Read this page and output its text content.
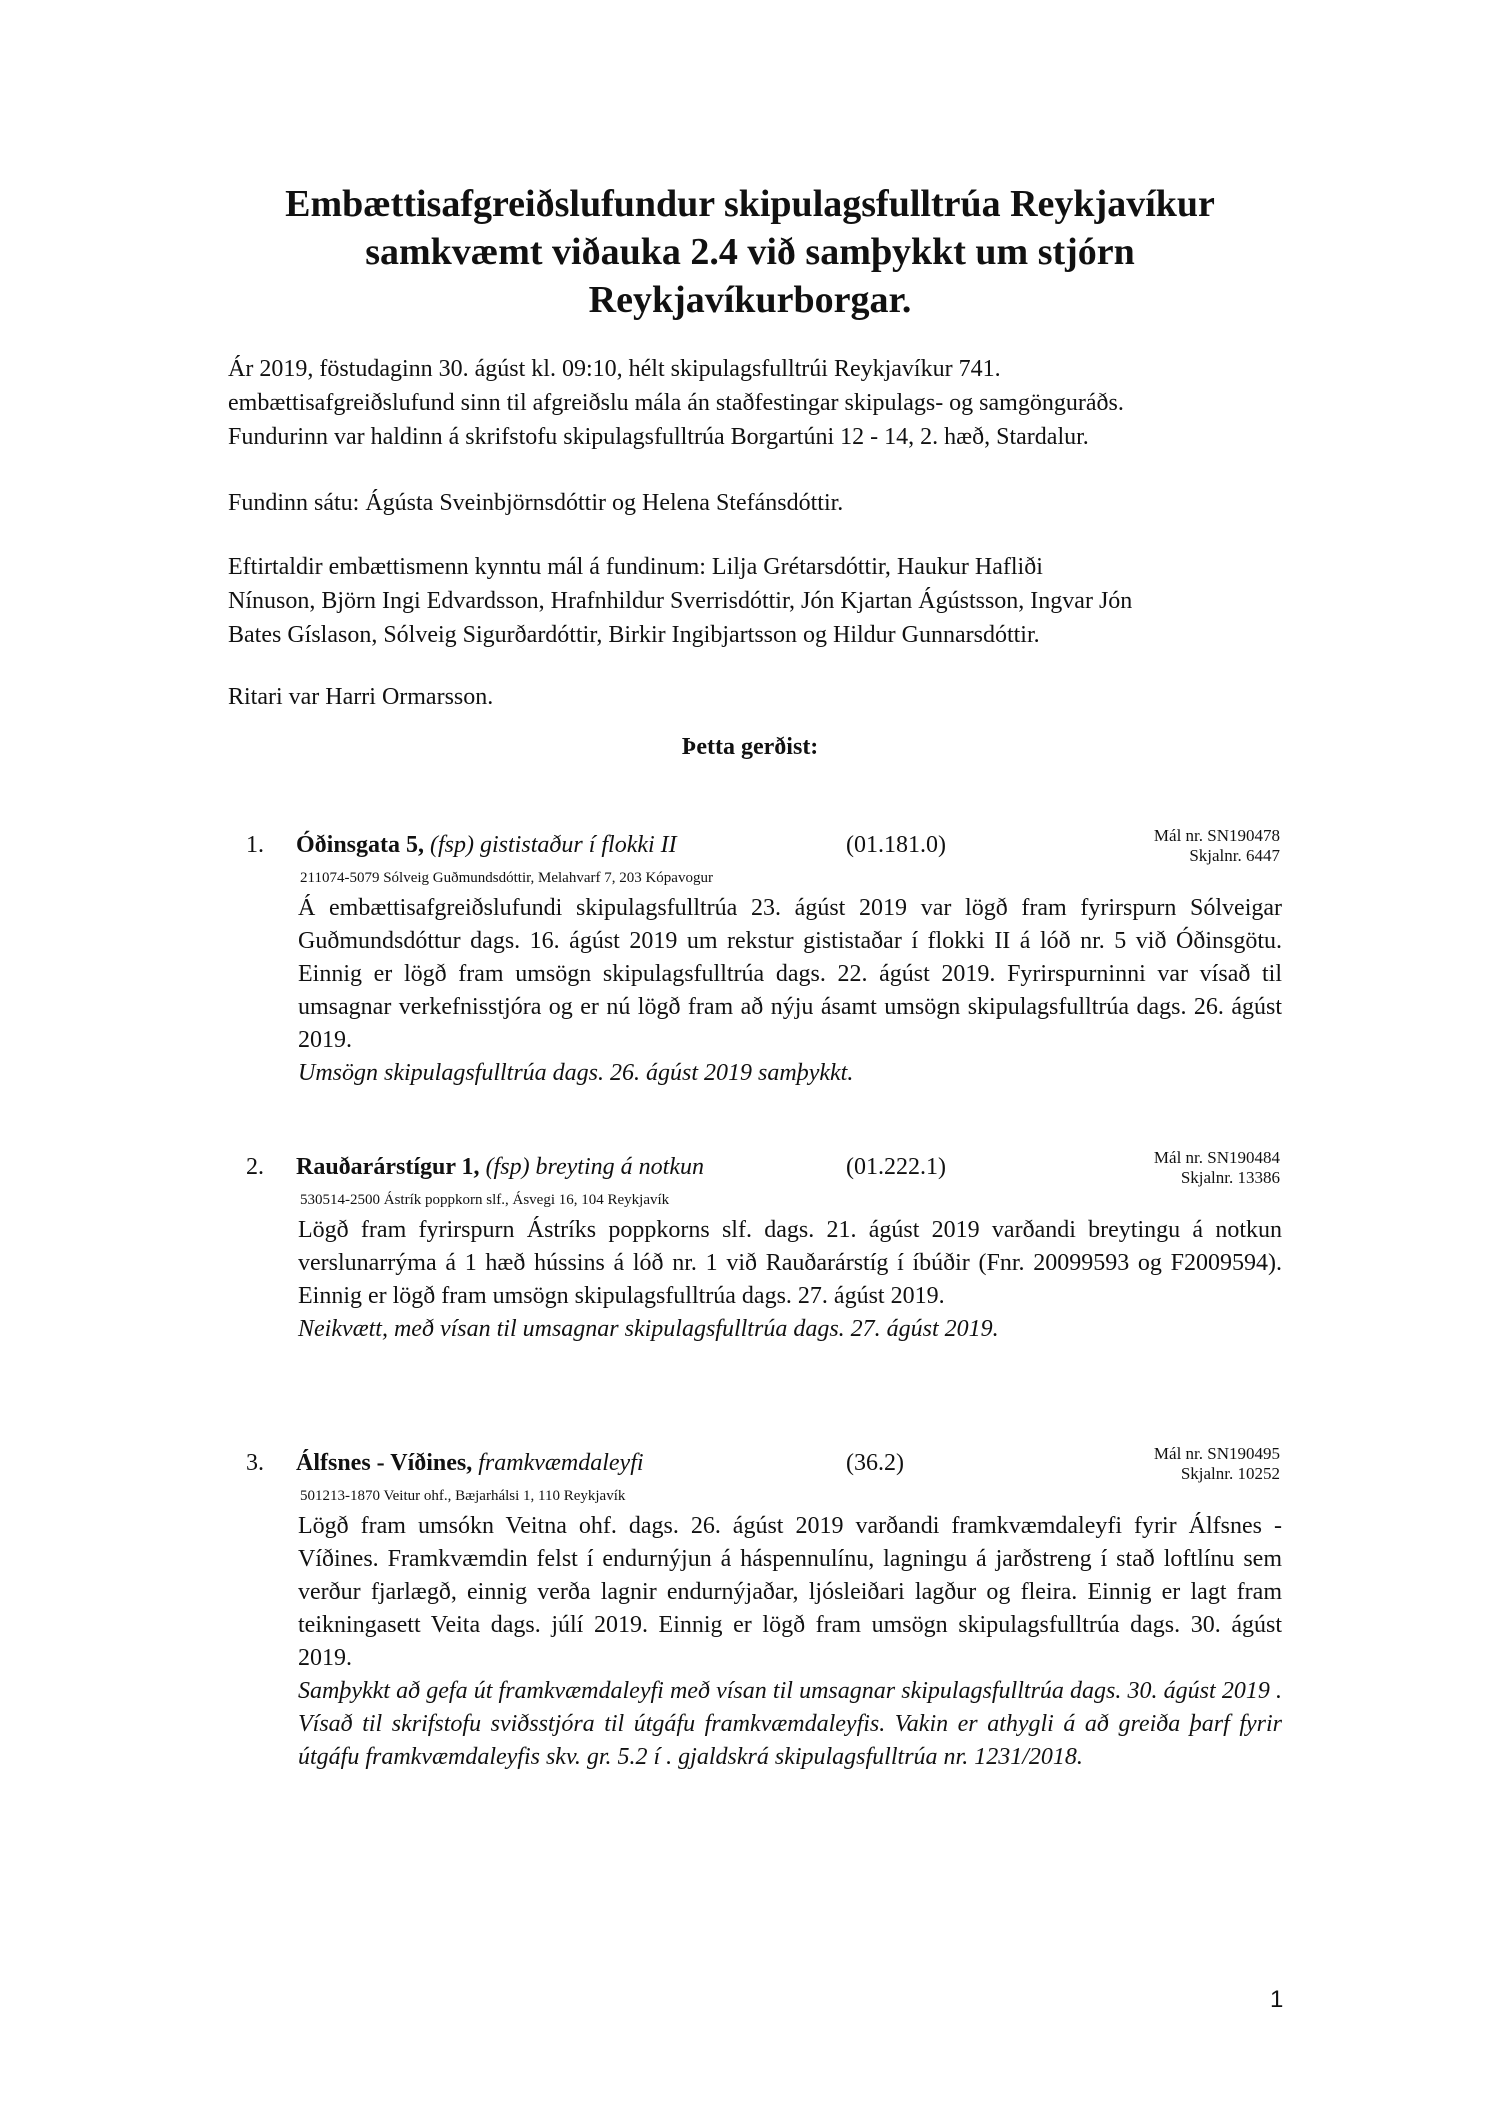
Embættisafgreiðslufundur skipulagsfulltrúa Reykjavíkur
samkvæmt viðauka 2.4 við samþykkt um stjórn
Reykjavíkurborgar.
Ár 2019, föstudaginn 30. ágúst kl. 09:10, hélt skipulagsfulltrúi Reykjavíkur 741.
embættisafgreiðslufund sinn til afgreiðslu mála án staðfestingar skipulags- og samgönguráðs.
Fundurinn var haldinn á skrifstofu skipulagsfulltrúa Borgartúni 12 - 14, 2. hæð, Stardalur.
Fundinn sátu: Ágústa Sveinbjörnsdóttir og Helena Stefánsdóttir.
Eftirtaldir embættismenn kynntu mál á fundinum: Lilja Grétarsdóttir, Haukur Hafliði
Nínuson, Björn Ingi Edvardsson, Hrafnhildur Sverrisdóttir, Jón Kjartan Ágústsson, Ingvar Jón
Bates Gíslason, Sólveig Sigurðardóttir, Birkir Ingibjartsson og Hildur Gunnarsdóttir.
Ritari var Harri Ormarsson.
Þetta gerðist:
1. Óðinsgata 5, (fsp) gististaður í flokki II	(01.181.0)	Mál nr. SN190478
Skjalnr. 6447
211074-5079 Sólveig Guðmundsdóttir, Melahvarf 7, 203 Kópavogur

Á embættisafgreiðslufundi skipulagsfulltrúa 23. ágúst 2019 var lögð fram fyrirspurn Sólveigar Guðmundsdóttur dags. 16. ágúst 2019 um rekstur gististaðar í flokki II á lóð nr. 5 við Óðinsgötu. Einnig er lögð fram umsögn skipulagsfulltrúa dags. 22. ágúst 2019. Fyrirspurninni var vísað til umsagnar verkefnisstjóra og er nú lögð fram að nýju ásamt umsögn skipulagsfulltrúa dags. 26. ágúst 2019.

Umsögn skipulagsfulltrúa dags. 26. ágúst 2019 samþykkt.

2. Rauðarárstígur 1, (fsp) breyting á notkun	(01.222.1)	Mál nr. SN190484
Skjalnr. 13386
530514-2500 Ástrík poppkorn slf., Ásvegi 16, 104 Reykjavík

Lögð fram fyrirspurn Ástríks poppkorns slf. dags. 21. ágúst 2019 varðandi breytingu á notkun verslunarrýma á 1 hæð hússins á lóð nr. 1 við Rauðarárstíg í íbúðir (Fnr. 20099593 og F2009594). Einnig er lögð fram umsögn skipulagsfulltrúa dags. 27. ágúst 2019.

Neikvætt, með vísan til umsagnar skipulagsfulltrúa dags. 27. ágúst 2019.

3. Álfsnes - Víðines, framkvæmdaleyfi	(36.2)	Mál nr. SN190495
Skjalnr. 10252
501213-1870 Veitur ohf., Bæjarhálsi 1, 110 Reykjavík

Lögð fram umsókn Veitna ohf. dags. 26. ágúst 2019 varðandi framkvæmdaleyfi fyrir Álfsnes - Víðines. Framkvæmdin felst í endurnýjun á háspennulínu, lagningu á jarðstreng í stað loftlínu sem verður fjarlægð, einnig verða lagnir endurnýjaðar, ljósleiðari lagður og fleira. Einnig er lagt fram teikningasett Veita dags. júlí 2019. Einnig er lögð fram umsögn skipulagsfulltrúa dags. 30. ágúst 2019.

Samþykkt að gefa út framkvæmdaleyfi með vísan til umsagnar skipulagsfulltrúa dags. 30. ágúst 2019 . Vísað til skrifstofu sviðsstjóra til útgáfu framkvæmdaleyfis. Vakin er athygli á að greiða þarf fyrir útgáfu framkvæmdaleyfis skv. gr. 5.2 í . gjaldskrá skipulagsfulltrúa nr. 1231/2018.

1
